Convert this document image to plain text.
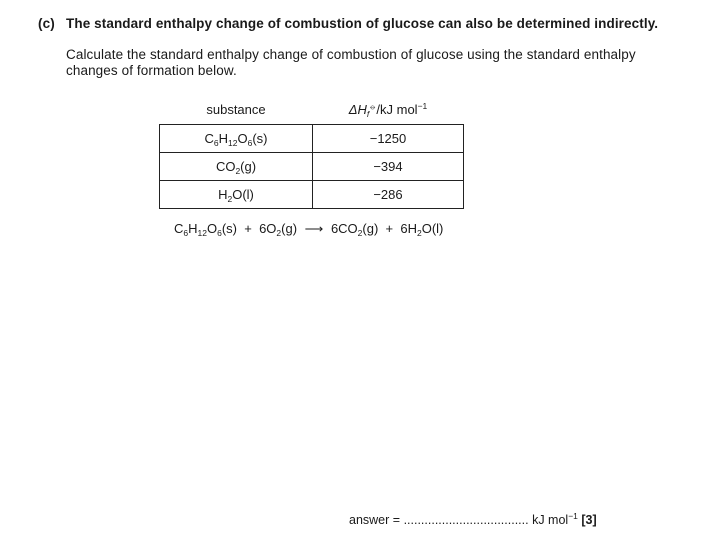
(c) The standard enthalpy change of combustion of glucose can also be determined indirectly.
Calculate the standard enthalpy change of combustion of glucose using the standard enthalpy changes of formation below.
substance	$\Delta H_f^⦵/kJ$ mol$^{-1}$
$C_6H_{12}O_6(s)$	−1250
$CO_2(g)$	−394
$H_2O(l)$	−286
$C_6H_{12}O_6(s) + 6O_2(g)$ ⟶ $6CO_2(g) + 6H_2O(l)$
answer = .................................... kJ mol$^{-1}$ [3]
